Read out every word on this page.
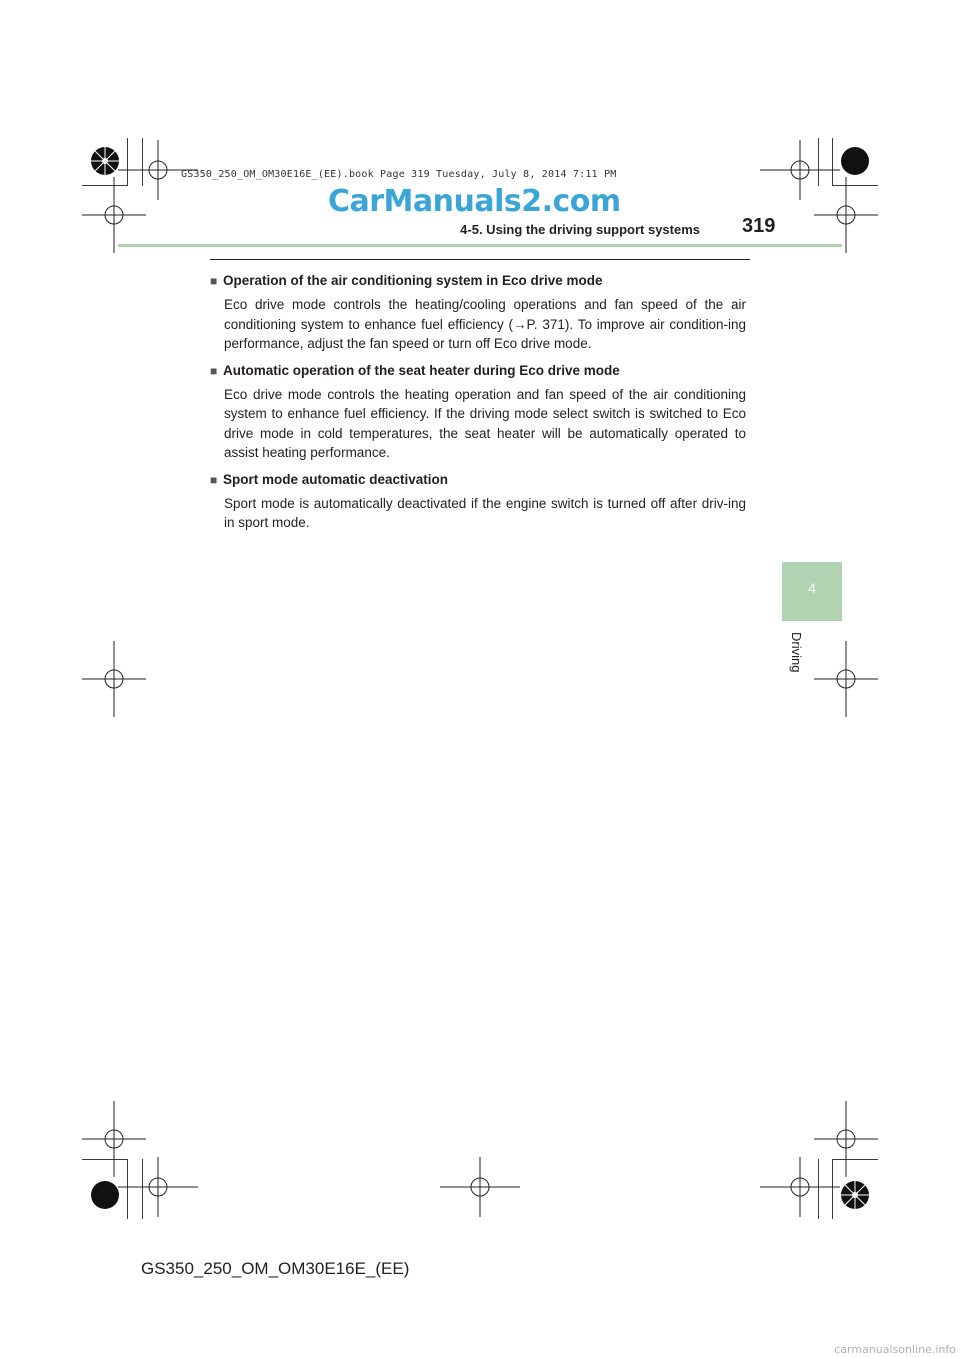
GS350_250_OM_OM30E16E_(EE).book Page 319 Tuesday, July 8, 2014 7:11 PM
CarManuals2.com
4-5. Using the driving support systems 319
■ Operation of the air conditioning system in Eco drive mode
Eco drive mode controls the heating/cooling operations and fan speed of the air conditioning system to enhance fuel efficiency (→P. 371). To improve air condition-ing performance, adjust the fan speed or turn off Eco drive mode.
■ Automatic operation of the seat heater during Eco drive mode
Eco drive mode controls the heating operation and fan speed of the air conditioning system to enhance fuel efficiency. If the driving mode select switch is switched to Eco drive mode in cold temperatures, the seat heater will be automatically operated to assist heating performance.
■ Sport mode automatic deactivation
Sport mode is automatically deactivated if the engine switch is turned off after driv-ing in sport mode.
4
Driving
GS350_250_OM_OM30E16E_(EE)
carmanualsonline.info
